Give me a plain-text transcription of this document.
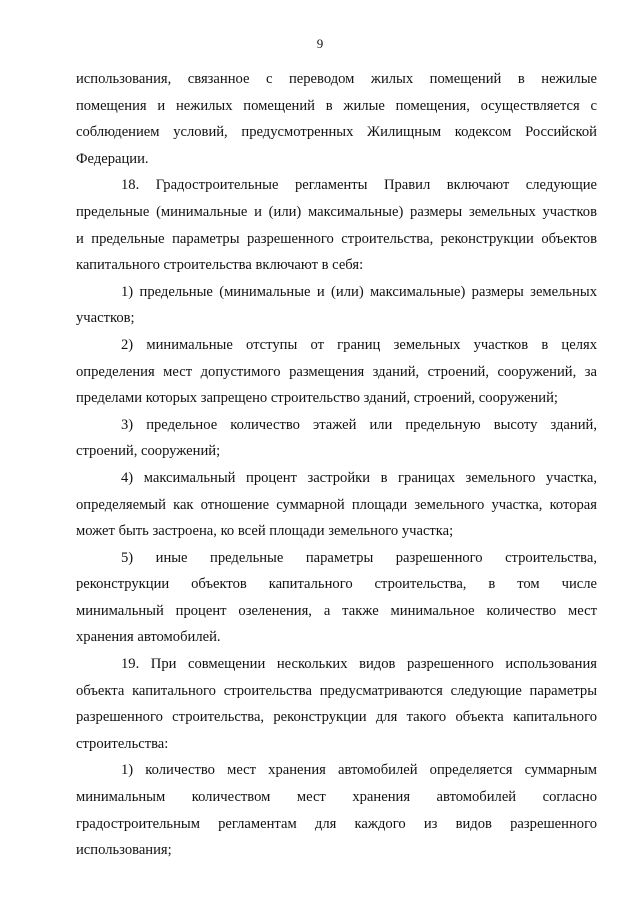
9
использования, связанное с переводом жилых помещений в нежилые
помещения и нежилых помещений в жилые помещения, осуществляется с
соблюдением условий, предусмотренных Жилищным кодексом Российской
Федерации.
18. Градостроительные регламенты Правил включают следующие
предельные (минимальные и (или) максимальные) размеры земельных участков
и предельные параметры разрешенного строительства, реконструкции объектов
капитального строительства включают в себя:
1) предельные (минимальные и (или) максимальные) размеры земельных
участков;
2) минимальные отступы от границ земельных участков в целях
определения мест допустимого размещения зданий, строений, сооружений, за
пределами которых запрещено строительство зданий, строений, сооружений;
3) предельное количество этажей или предельную высоту зданий,
строений, сооружений;
4) максимальный процент застройки в границах земельного участка,
определяемый как отношение суммарной площади земельного участка, которая
может быть застроена, ко всей площади земельного участка;
5) иные предельные параметры разрешенного строительства,
реконструкции объектов капитального строительства, в том числе
минимальный процент озеленения, а также минимальное количество мест
хранения автомобилей.
19. При совмещении нескольких видов разрешенного использования
объекта капитального строительства предусматриваются следующие параметры
разрешенного строительства, реконструкции для такого объекта капитального
строительства:
1) количество мест хранения автомобилей определяется суммарным
минимальным количеством мест хранения автомобилей согласно
градостроительным регламентам для каждого из видов разрешенного
использования;
